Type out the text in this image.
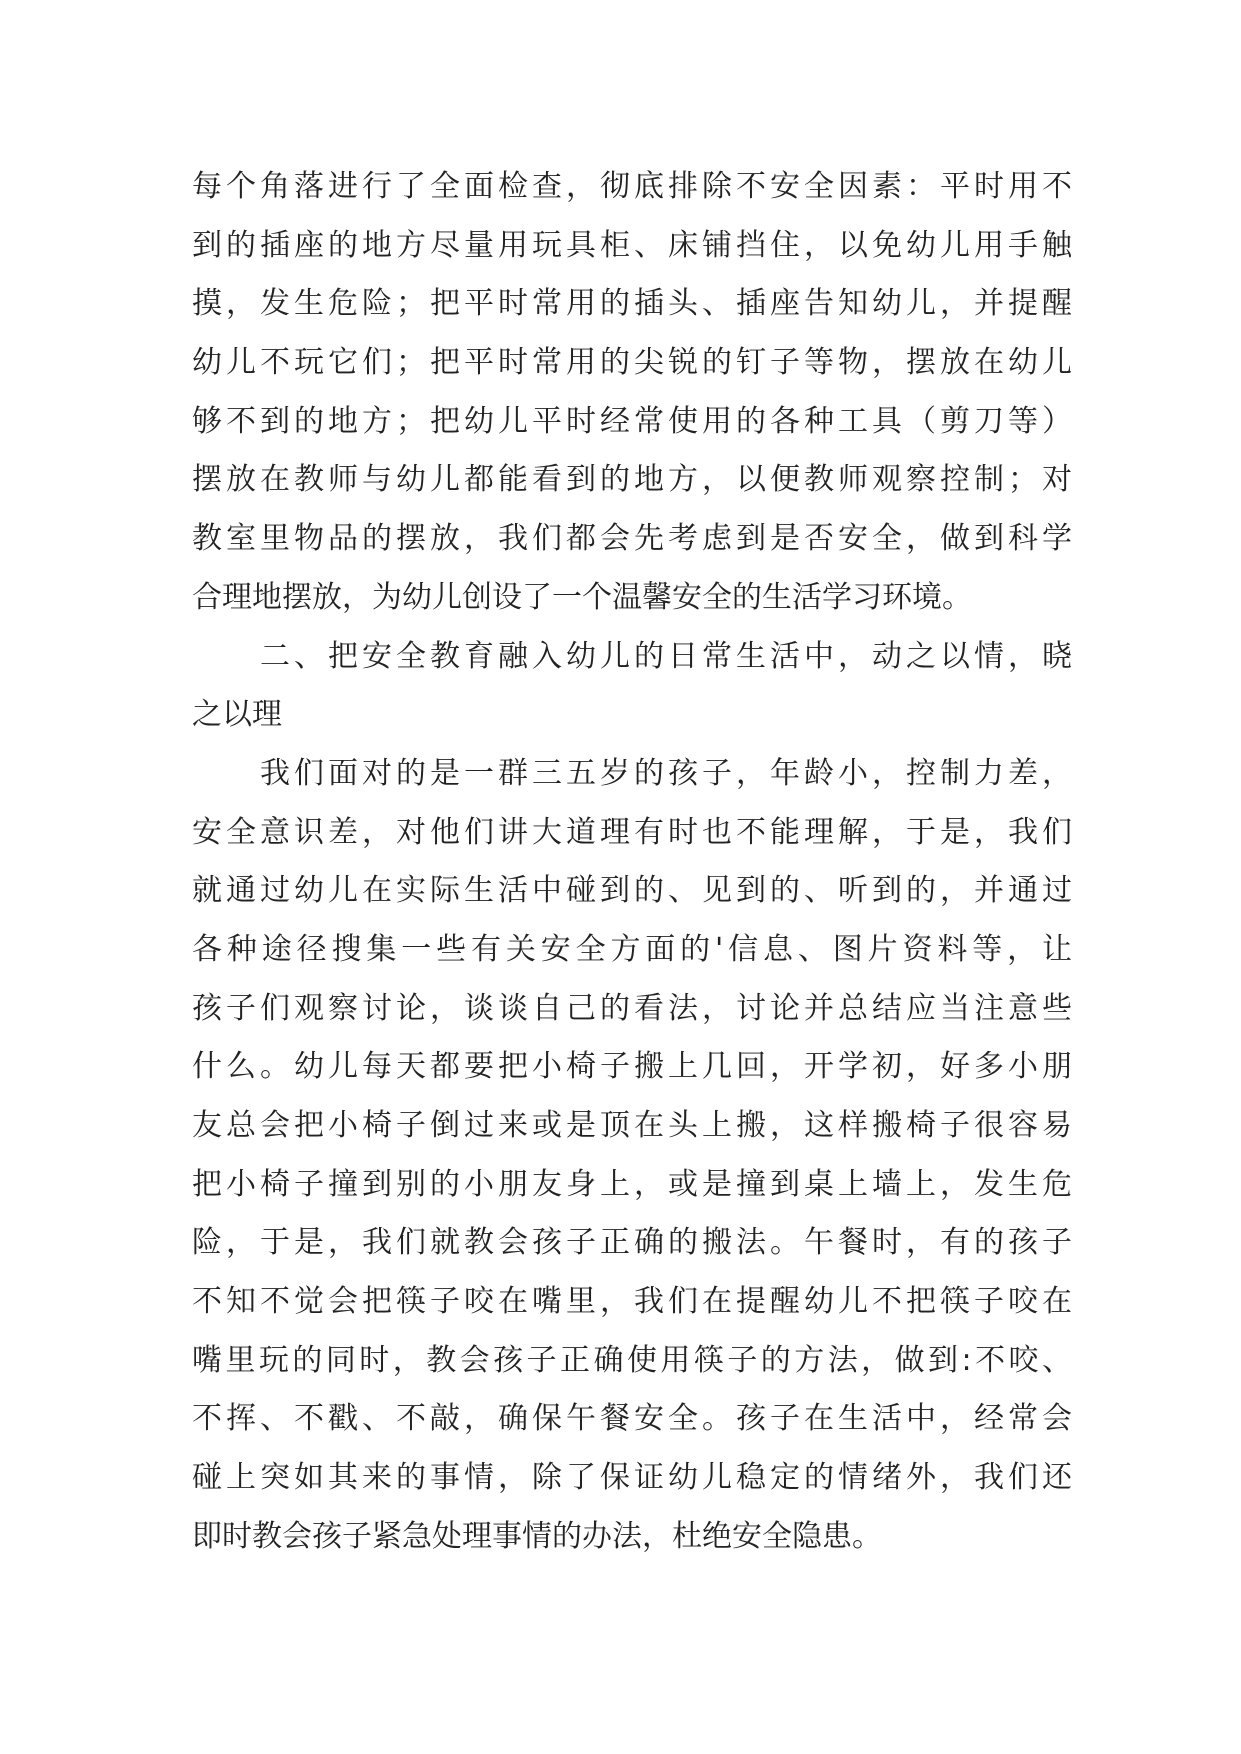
每个角落进行了全面检查，彻底排除不安全因素：平时用不
到的插座的地方尽量用玩具柜、床铺挡住，以免幼儿用手触
摸，发生危险；把平时常用的插头、插座告知幼儿，并提醒
幼儿不玩它们；把平时常用的尖锐的钉子等物，摆放在幼儿
够不到的地方；把幼儿平时经常使用的各种工具（剪刀等）
摆放在教师与幼儿都能看到的地方，以便教师观察控制；对
教室里物品的摆放，我们都会先考虑到是否安全，做到科学
合理地摆放，为幼儿创设了一个温馨安全的生活学习环境。
二、把安全教育融入幼儿的日常生活中，动之以情，晓
之以理
我们面对的是一群三五岁的孩子，年龄小，控制力差，
安全意识差，对他们讲大道理有时也不能理解，于是，我们
就通过幼儿在实际生活中碰到的、见到的、听到的，并通过
各种途径搜集一些有关安全方面的'信息、图片资料等，让
孩子们观察讨论，谈谈自己的看法，讨论并总结应当注意些
什么。幼儿每天都要把小椅子搬上几回，开学初，好多小朋
友总会把小椅子倒过来或是顶在头上搬，这样搬椅子很容易
把小椅子撞到别的小朋友身上，或是撞到桌上墙上，发生危
险，于是，我们就教会孩子正确的搬法。午餐时，有的孩子
不知不觉会把筷子咬在嘴里，我们在提醒幼儿不把筷子咬在
嘴里玩的同时，教会孩子正确使用筷子的方法，做到:不咬、
不挥、不戳、不敲，确保午餐安全。孩子在生活中，经常会
碰上突如其来的事情，除了保证幼儿稳定的情绪外，我们还
即时教会孩子紧急处理事情的办法，杜绝安全隐患。
